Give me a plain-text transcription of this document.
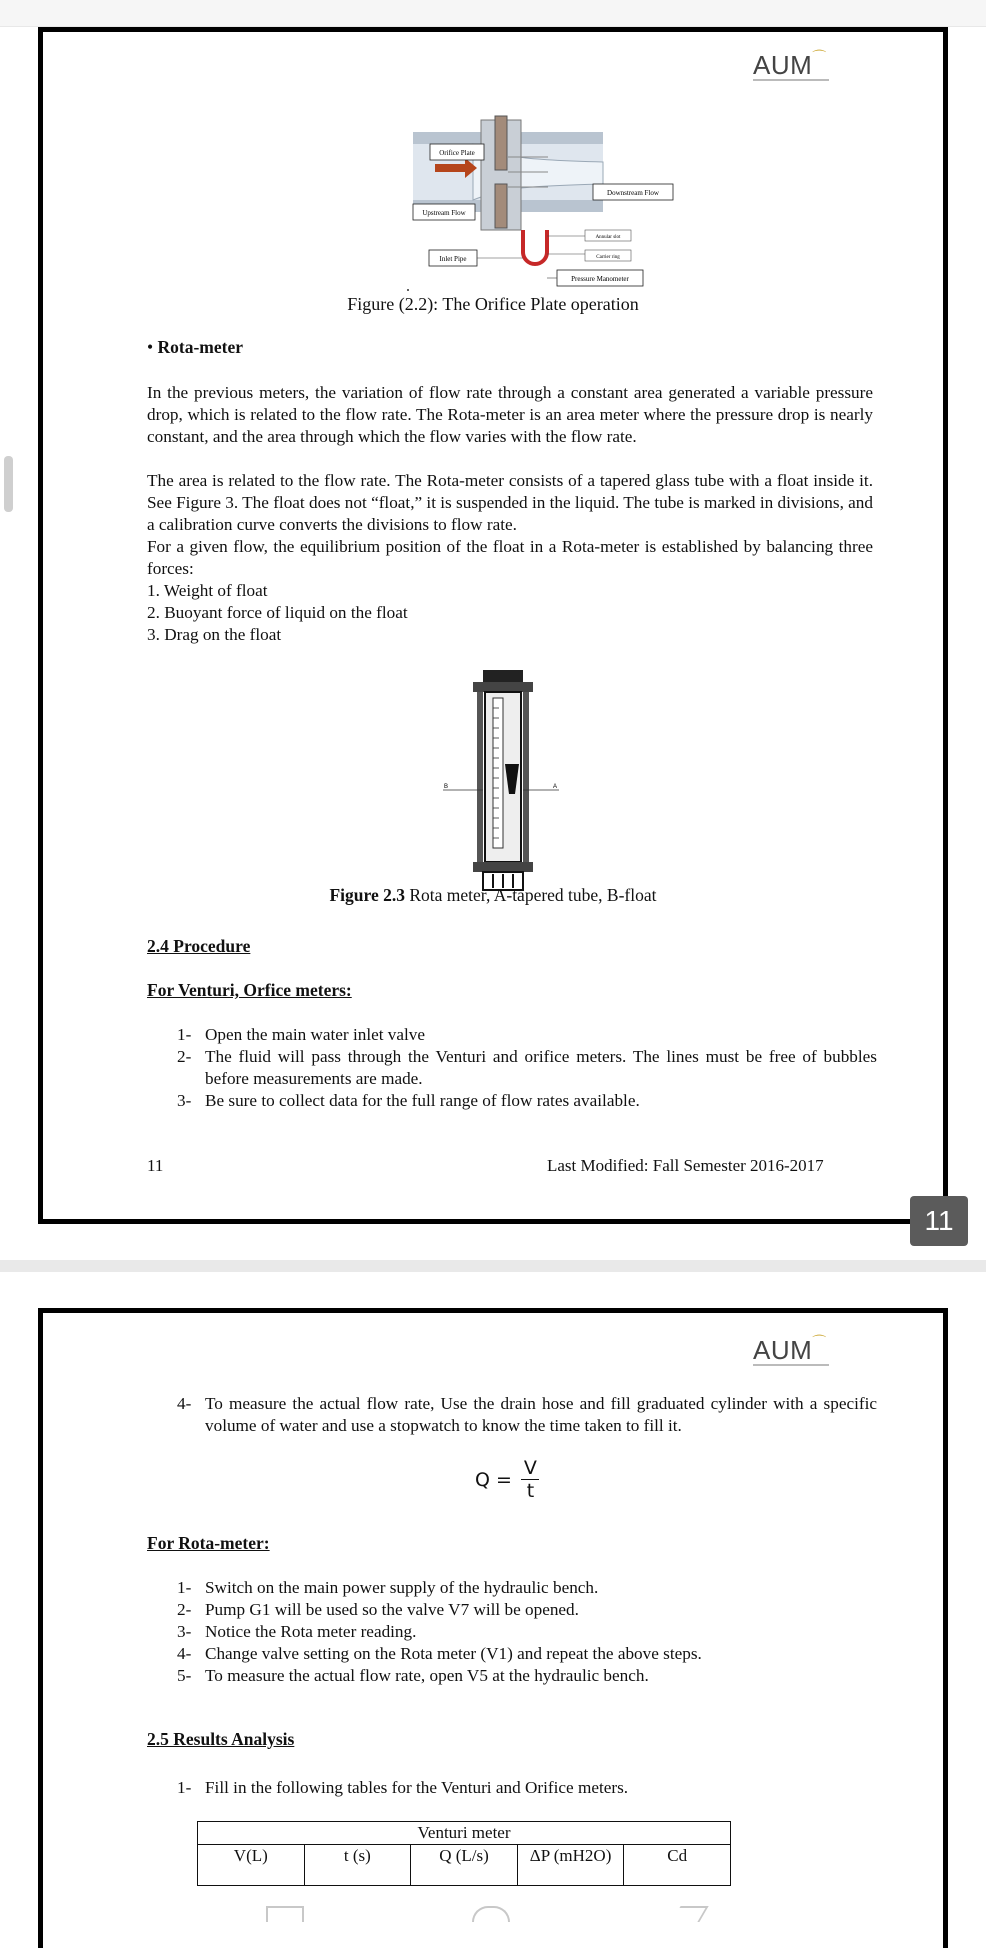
AUM⌒
Orifice Plate
Downstream Flow
Upstream Flow
Annular slot
Carrier ring
Inlet Pipe
Pressure Manometer
Figure (2.2): The Orifice Plate operation
• Rota-meter
In the previous meters, the variation of flow rate through a constant area generated a variable pressure drop, which is related to the flow rate. The Rota-meter is an area meter where the pressure drop is nearly constant, and the area through which the flow varies with the flow rate.
The area is related to the flow rate. The Rota-meter consists of a tapered glass tube with a float inside it. See Figure 3. The float does not “float,” it is suspended in the liquid. The tube is marked in divisions, and a calibration curve converts the divisions to flow rate.
For a given flow, the equilibrium position of the float in a Rota-meter is established by balancing three forces:
1. Weight of float
2. Buoyant force of liquid on the float
3. Drag on the float
B	A
Figure 2.3 Rota meter, A-tapered tube, B-float
2.4 Procedure
For Venturi, Orfice meters:
1- Open the main water inlet valve
2- The fluid will pass through the Venturi and orifice meters. The lines must be free of bubbles before measurements are made.
3- Be sure to collect data for the full range of flow rates available.
11	Last Modified: Fall Semester 2016-2017
11
AUM⌒
4- To measure the actual flow rate, Use the drain hose and fill graduated cylinder with a specific volume of water and use a stopwatch to know the time taken to fill it.
Q =
V
t
For Rota-meter:
1- Switch on the main power supply of the hydraulic bench.
2- Pump G1 will be used so the valve V7 will be opened.
3- Notice the Rota meter reading.
4- Change valve setting on the Rota meter (V1) and repeat the above steps.
5- To measure the actual flow rate, open V5 at the hydraulic bench.
2.5 Results Analysis
1- Fill in the following tables for the Venturi and Orifice meters.
Venturi meter
V(L)	t (s)	Q (L/s)	ΔP (mH2O)	Cd
